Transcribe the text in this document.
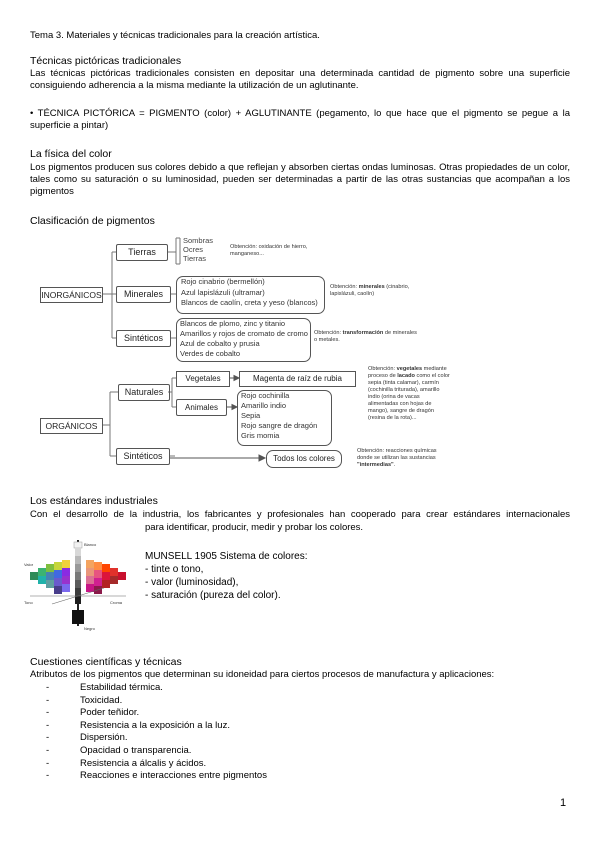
Tema 3. Materiales y técnicas tradicionales para la creación artística.
Técnicas pictóricas tradicionales
Las técnicas pictóricas tradicionales consisten en depositar una determinada cantidad de pigmento sobre una superficie consiguiendo adherencia a la misma mediante la utilización de un aglutinante.
• TÉCNICA PICTÓRICA = PIGMENTO (color) + AGLUTINANTE (pegamento, lo que hace que el pigmento se pegue a la superficie a pintar)
La física del color
Los pigmentos producen sus colores debido a que reflejan y absorben ciertas ondas luminosas. Otras propiedades de un color, tales como su saturación o su luminosidad, pueden ser determinadas a partir de las otras sustancias que acompañan a los pigmentos
Clasificación de pigmentos
INORGÁNICOS
Tierras
Sombras
Ocres
Tierras
Obtención: oxidación de hierro, manganeso...
Minerales
Rojo cinabrio (bermellón)
Azul lapislázuli (ultramar)
Blancos de caolín, creta y yeso (blancos)
Obtención: minerales (cinabrio, lapislázuli, caolín)
Sintéticos
Blancos de plomo, zinc y titanio
Amarillos y rojos de cromato de cromo
Azul de cobalto y prusia
Verdes de cobalto
Obtención: transformación de minerales o metales.
ORGÁNICOS
Naturales
Vegetales	Magenta de raíz de rubia
Animales
Rojo cochinilla
Amarillo indio
Sepia
Rojo sangre de dragón
Gris momia
Obtención: vegetales mediante proceso de lacado como el color sepia (tinta calamar), carmín (cochinilla triturada), amarillo indio (orina de vacas alimentadas con hojas de mango), sangre de dragón (resina de la rota)...
Sintéticos	Todos los colores
Obtención: reacciones químicas donde se utilizan las sustancias "intermedias".
Los estándares industriales
Con el desarrollo de la industria, los fabricantes y profesionales han cooperado para crear estándares internacionales
para identificar, producir, medir y probar los colores.
Blanco
Negro
Valor
Tono	Croma
MUNSELL 1905 Sistema de colores:
- tinte o tono,
- valor (luminosidad),
- saturación (pureza del color).
Cuestiones científicas y técnicas
Atributos de los pigmentos que determinan su idoneidad para ciertos procesos de manufactura y aplicaciones:
- Estabilidad térmica.
- Toxicidad.
- Poder teñidor.
- Resistencia a la exposición a la luz.
- Dispersión.
- Opacidad o transparencia.
- Resistencia a álcalis y ácidos.
- Reacciones e interacciones entre pigmentos
1
